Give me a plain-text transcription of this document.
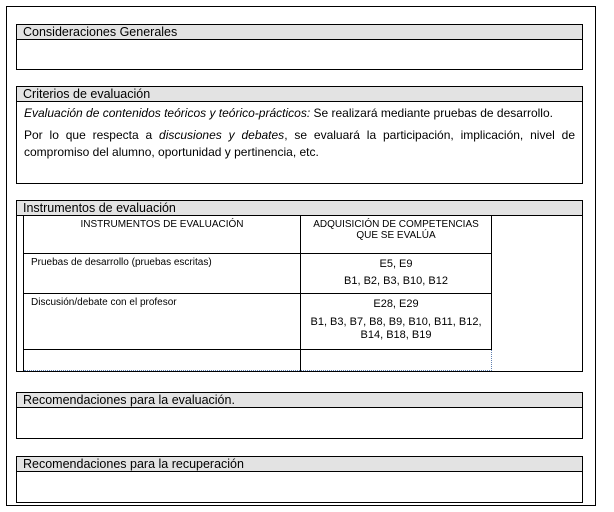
Consideraciones Generales
Criterios de evaluación

Evaluación de contenidos teóricos y teórico-prácticos: Se realizará mediante pruebas de desarrollo.

Por lo que respecta a discusiones y debates, se evaluará la participación, implicación, nivel de compromiso del alumno, oportunidad y pertinencia, etc.

Instrumentos de evaluación
INSTRUMENTOS DE EVALUACIÓN	ADQUISICIÓN DE COMPETENCIAS QUE SE EVALÚA
Pruebas de desarrollo (pruebas escritas)	E5, E9
B1, B2, B3, B10, B12

Discusión/debate con el profesor	E28, E29
B1, B3, B7, B8, B9, B10, B11, B12, B14, B18, B19

Recomendaciones para la evaluación.
Recomendaciones para la recuperación
